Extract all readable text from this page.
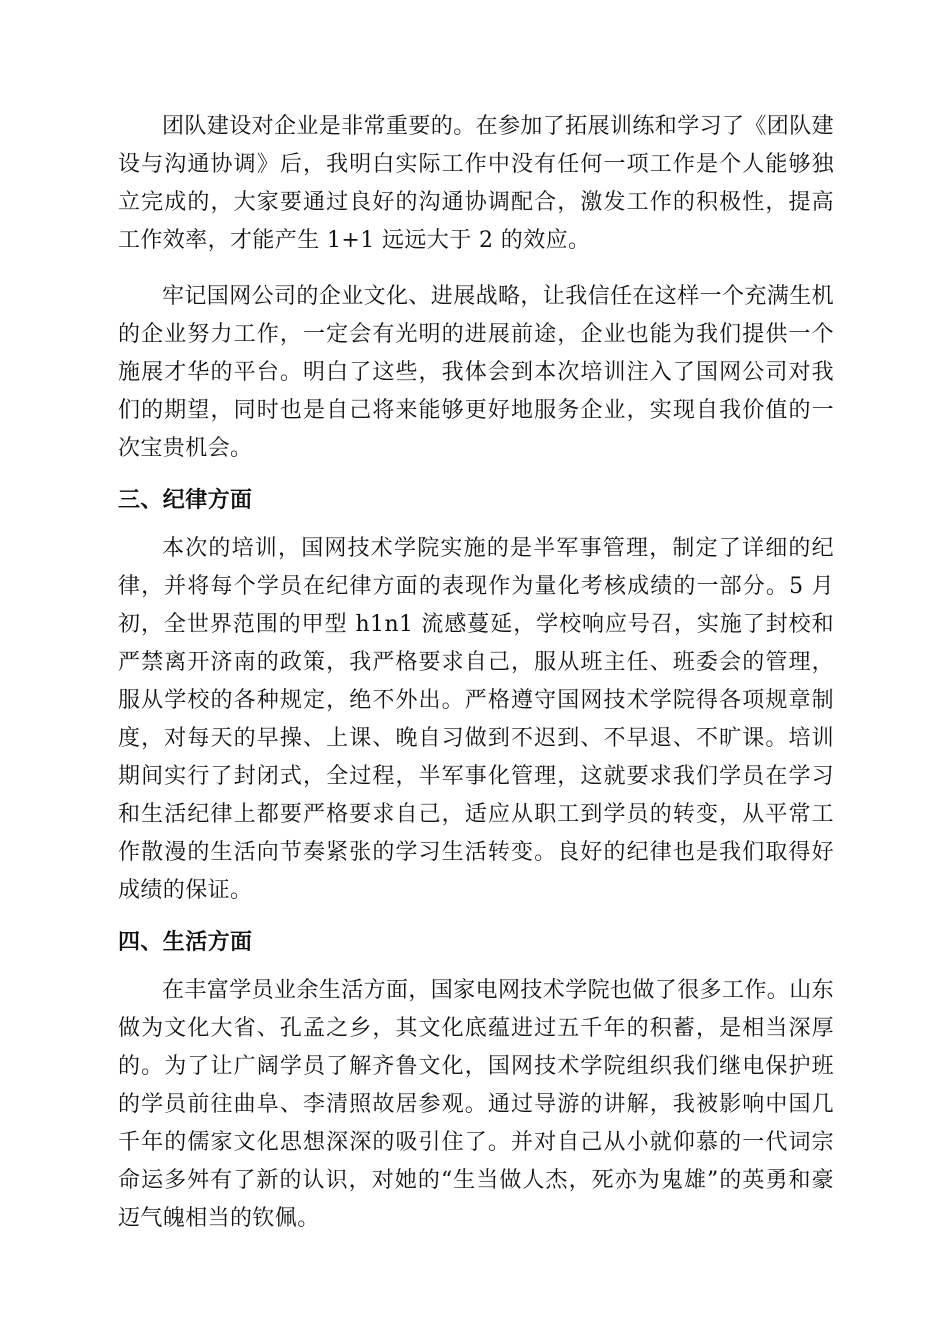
团队建设对企业是非常重要的。在参加了拓展训练和学习了《团队建设与沟通协调》后，我明白实际工作中没有任何一项工作是个人能够独立完成的，大家要通过良好的沟通协调配合，激发工作的积极性，提高工作效率，才能产生 1+1 远远大于 2 的效应。

牢记国网公司的企业文化、进展战略，让我信任在这样一个充满生机的企业努力工作，一定会有光明的进展前途，企业也能为我们提供一个施展才华的平台。明白了这些，我体会到本次培训注入了国网公司对我们的期望，同时也是自己将来能够更好地服务企业，实现自我价值的一次宝贵机会。

三、纪律方面

本次的培训，国网技术学院实施的是半军事管理，制定了详细的纪律，并将每个学员在纪律方面的表现作为量化考核成绩的一部分。5 月初，全世界范围的甲型 h1n1 流感蔓延，学校响应号召，实施了封校和严禁离开济南的政策，我严格要求自己，服从班主任、班委会的管理，服从学校的各种规定，绝不外出。严格遵守国网技术学院得各项规章制度，对每天的早操、上课、晚自习做到不迟到、不早退、不旷课。培训期间实行了封闭式，全过程，半军事化管理，这就要求我们学员在学习和生活纪律上都要严格要求自己，适应从职工到学员的转变，从平常工作散漫的生活向节奏紧张的学习生活转变。良好的纪律也是我们取得好成绩的保证。

四、生活方面

在丰富学员业余生活方面，国家电网技术学院也做了很多工作。山东做为文化大省、孔孟之乡，其文化底蕴进过五千年的积蓄，是相当深厚的。为了让广阔学员了解齐鲁文化，国网技术学院组织我们继电保护班的学员前往曲阜、李清照故居参观。通过导游的讲解，我被影响中国几千年的儒家文化思想深深的吸引住了。并对自己从小就仰慕的一代词宗命运多舛有了新的认识，对她的“生当做人杰，死亦为鬼雄”的英勇和豪迈气魄相当的钦佩。
